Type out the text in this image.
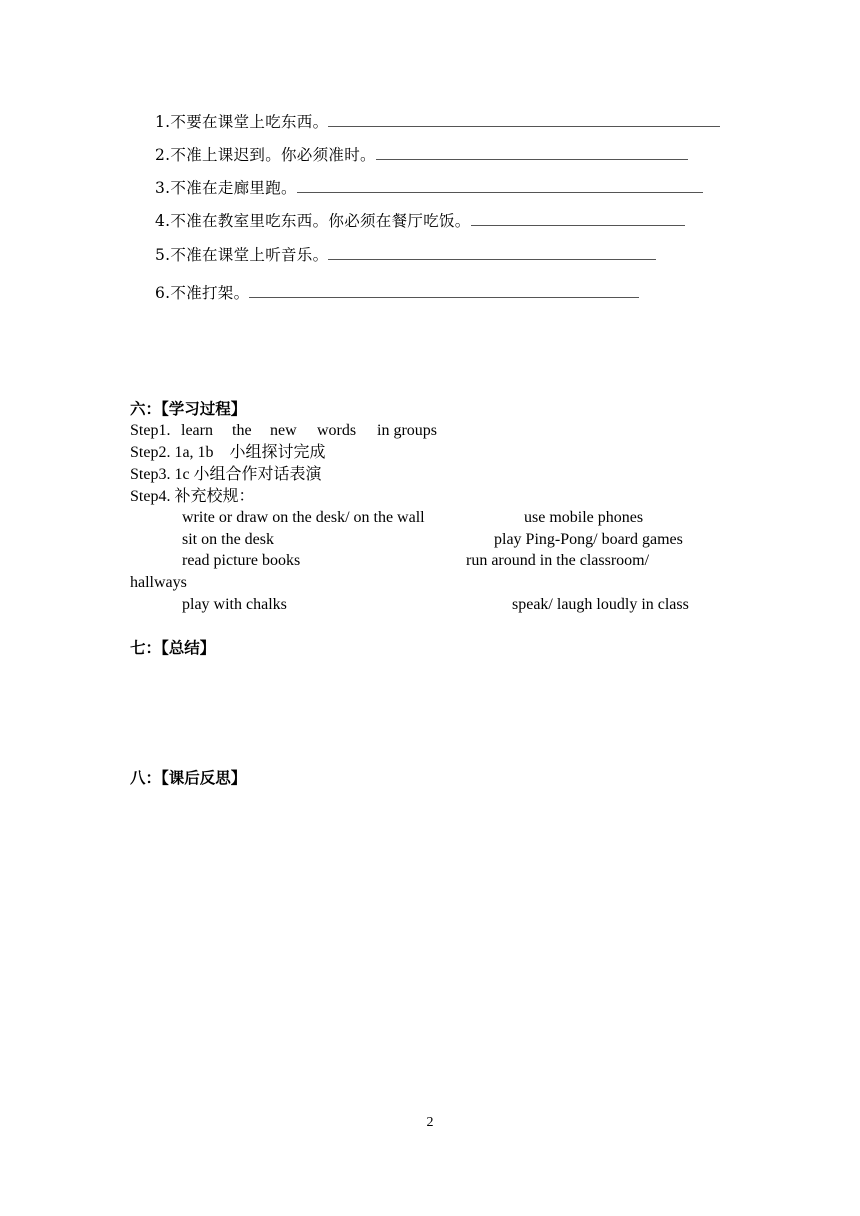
1.不要在课堂上吃东西。
2.不准上课迟到。你必须准时。
3.不准在走廊里跑。
4.不准在教室里吃东西。你必须在餐厅吃饭。
5.不准在课堂上听音乐。
6.不准打架。
六：【学习过程】
Step1. learn the new words in groups
Step2. 1a, 1b　小组探讨完成
Step3. 1c 小组合作对话表演
Step4. 补充校规：
write or draw on the desk/ on the wall	use mobile phones
sit on the desk	play Ping-Pong/ board games
read picture books	run around in the classroom/
hallways
play with chalks	speak/ laugh loudly in class
七：【总结】
八：【课后反思】
2
